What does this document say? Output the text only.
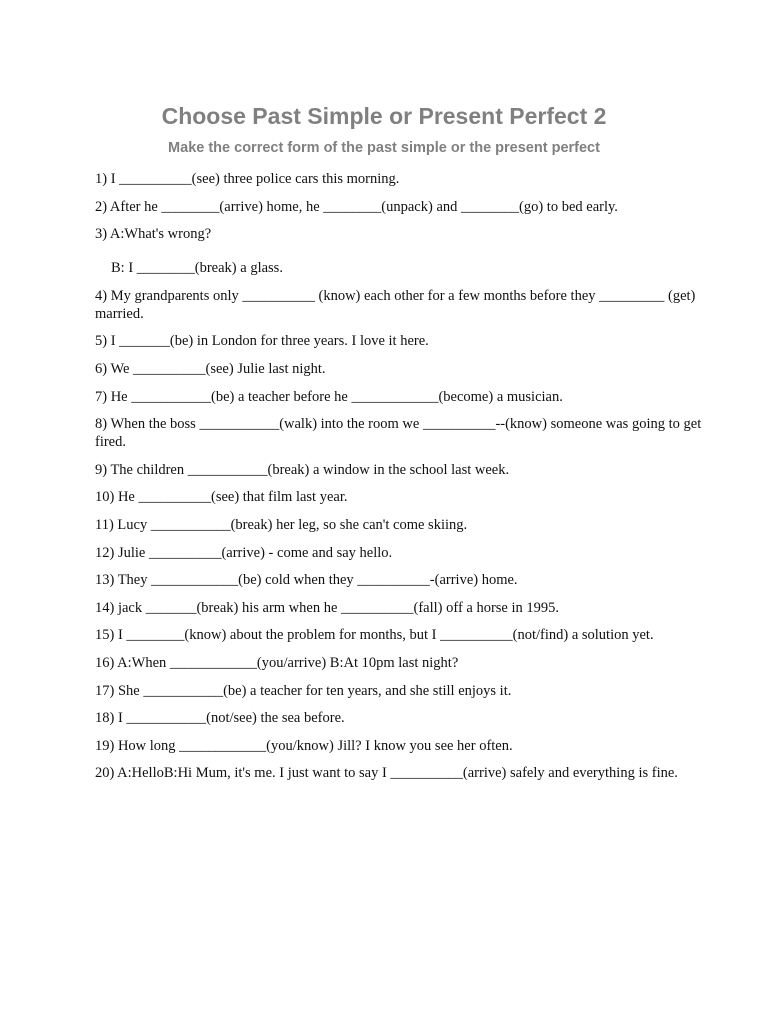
Choose Past Simple or Present Perfect 2
Make the correct form of the past simple or the present perfect
1) I __________(see) three police cars this morning.
2) After he ________(arrive) home, he ________(unpack) and ________(go) to bed early.
3) A:What's wrong?
B: I ________(break) a glass.
4) My grandparents only __________ (know) each other for a few months before they _________ (get) married.
5) I _______(be) in London for three years. I love it here.
6) We __________(see) Julie last night.
7) He ___________(be) a teacher before he ____________(become) a musician.
8) When the boss ___________(walk) into the room we __________--(know) someone was going to get fired.
9) The children ___________(break) a window in the school last week.
10) He __________(see) that film last year.
11) Lucy ___________(break) her leg, so she can't come skiing.
12) Julie __________(arrive) - come and say hello.
13) They ____________(be) cold when they __________-(arrive) home.
14) jack _______(break) his arm when he __________(fall) off a horse in 1995.
15) I ________(know) about the problem for months, but I __________(not/find) a solution yet.
16) A:When ____________(you/arrive) B:At 10pm last night?
17) She ___________(be) a teacher for ten years, and she still enjoys it.
18) I ___________(not/see) the sea before.
19) How long ____________(you/know) Jill? I know you see her often.
20) A:HelloB:Hi Mum, it's me. I just want to say I __________(arrive) safely and everything is fine.
